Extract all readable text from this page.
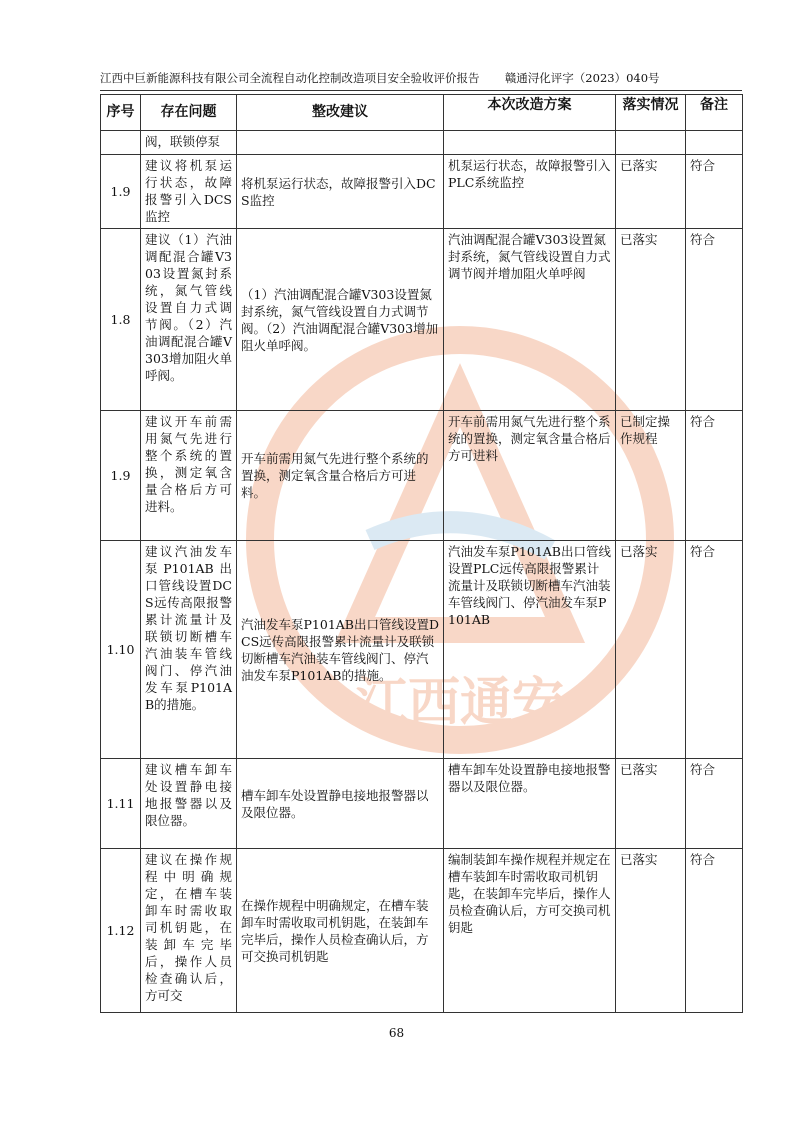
江西中巨新能源科技有限公司全流程自动化控制改造项目安全验收评价报告 赣通浔化评字（2023）040号
江西通安
序号	存在问题	整改建议	本次改造方案	落实情况	备注
	阀，联锁停泵				
1.9	建议将机泵运行状态，故障报警引入DCS监控	将机泵运行状态，故障报警引入DCS监控	机泵运行状态，故障报警引入PLC系统监控	已落实	符合
1.8	建议（1）汽油调配混合罐V303设置氮封系统，氮气管线设置自力式调节阀。（2）汽油调配混合罐V303增加阻火单呼阀。	（1）汽油调配混合罐V303设置氮封系统，氮气管线设置自力式调节阀。（2）汽油调配混合罐V303增加阻火单呼阀。	汽油调配混合罐V303设置氮封系统，氮气管线设置自力式调节阀并增加阻火单呼阀	已落实	符合
1.9	建议开车前需用氮气先进行整个系统的置换，测定氧含量合格后方可进料。	开车前需用氮气先进行整个系统的置换，测定氧含量合格后方可进料。	开车前需用氮气先进行整个系统的置换，测定氧含量合格后方可进料	已制定操作规程	符合
1.10	建议汽油发车泵P101AB出口管线设置DCS远传高限报警累计流量计及联锁切断槽车汽油装车管线阀门、停汽油发车泵P101AB的措施。	汽油发车泵P101AB出口管线设置DCS远传高限报警累计流量计及联锁切断槽车汽油装车管线阀门、停汽油发车泵P101AB的措施。	汽油发车泵P101AB出口管线设置PLC远传高限报警累计流量计及联锁切断槽车汽油装车管线阀门、停汽油发车泵P101AB	已落实	符合
1.11	建议槽车卸车处设置静电接地报警器以及限位器。	槽车卸车处设置静电接地报警器以及限位器。	槽车卸车处设置静电接地报警器以及限位器。	已落实	符合
1.12	建议在操作规程中明确规定，在槽车装卸车时需收取司机钥匙，在装卸车完毕后，操作人员检查确认后，方可交	在操作规程中明确规定，在槽车装卸车时需收取司机钥匙，在装卸车完毕后，操作人员检查确认后，方可交换司机钥匙	编制装卸车操作规程并规定在槽车装卸车时需收取司机钥匙，在装卸车完毕后，操作人员检查确认后，方可交换司机钥匙	已落实	符合
68
